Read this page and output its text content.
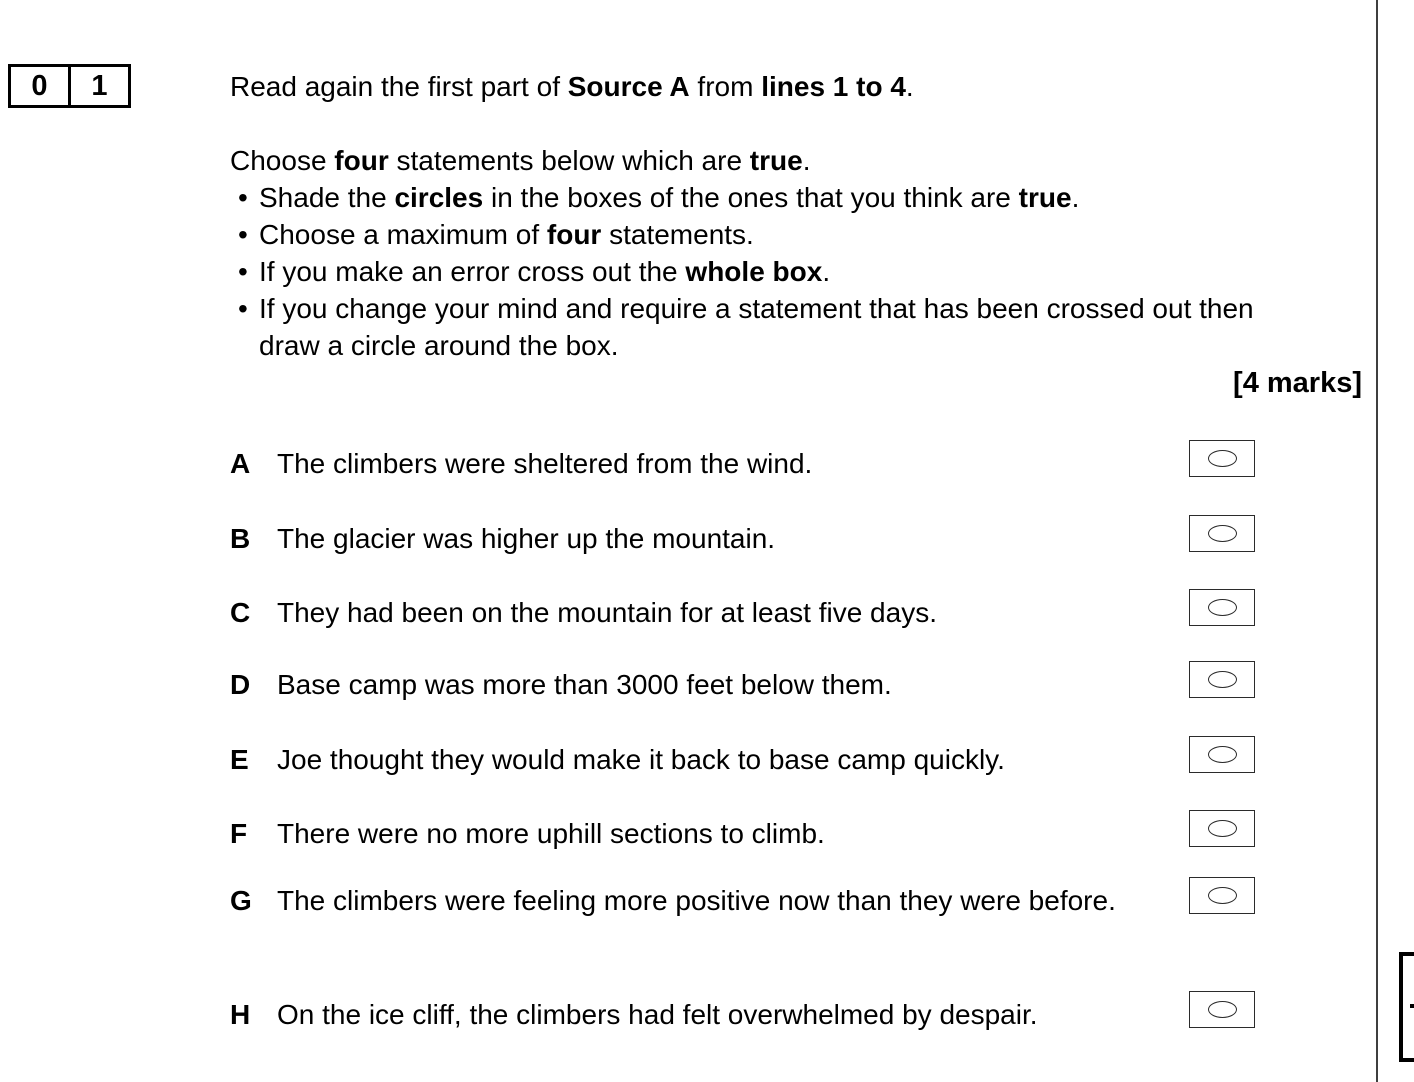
0	1	Read again the first part of Source A from lines 1 to 4.
Choose four statements below which are true.
• Shade the circles in the boxes of the ones that you think are true.
• Choose a maximum of four statements.
• If you make an error cross out the whole box.
• If you change your mind and require a statement that has been crossed out then
draw a circle around the box.
[4 marks]
A The climbers were sheltered from the wind.
B The glacier was higher up the mountain.
C They had been on the mountain for at least five days.
D Base camp was more than 3000 feet below them.
E Joe thought they would make it back to base camp quickly.
F There were no more uphill sections to climb.
G The climbers were feeling more positive now than they were before.
H On the ice cliff, the climbers had felt overwhelmed by despair.
